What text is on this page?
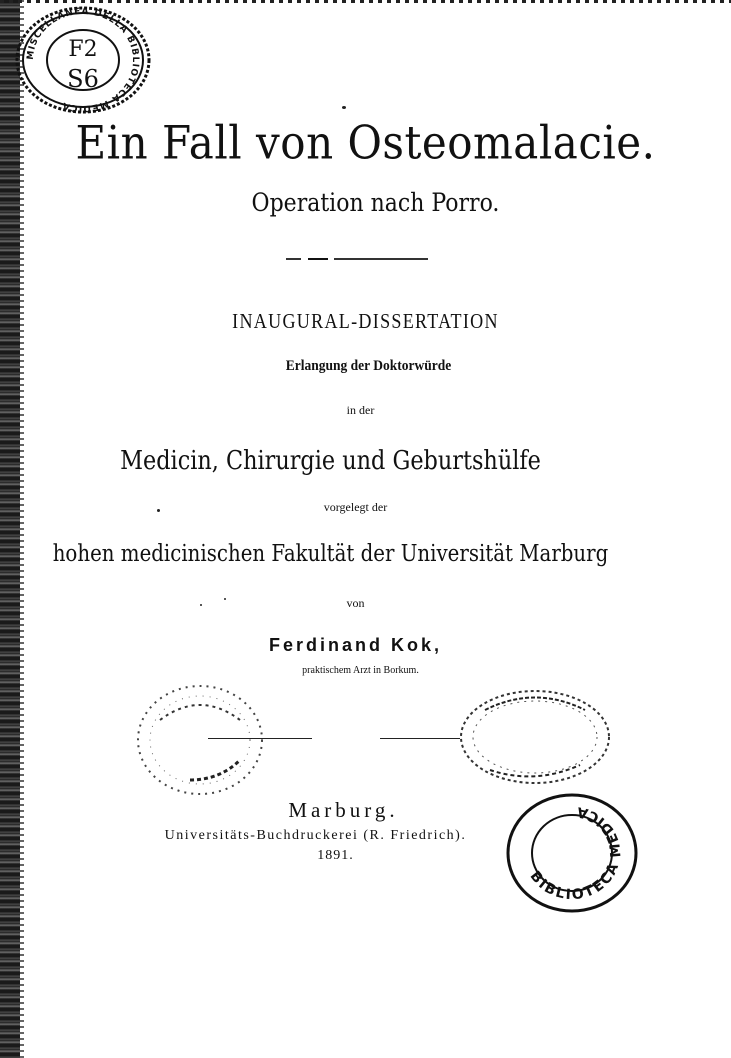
MISCELLANEA DELLA BIBLIOTECA MEDICA
F2
S6
Ein Fall von Osteomalacie.
Operation nach Porro.
INAUGURAL-DISSERTATION
Erlangung der Doktorwürde
in der
Medicin, Chirurgie und Geburtshülfe
vorgelegt der
hohen medicinischen Fakultät der Universität Marburg
von
Ferdinand Kok,
praktischem Arzt in Borkum.
Marburg.
Universitäts-Buchdruckerei (R. Friedrich).
1891.
BIBLIOTECA MEDICA
